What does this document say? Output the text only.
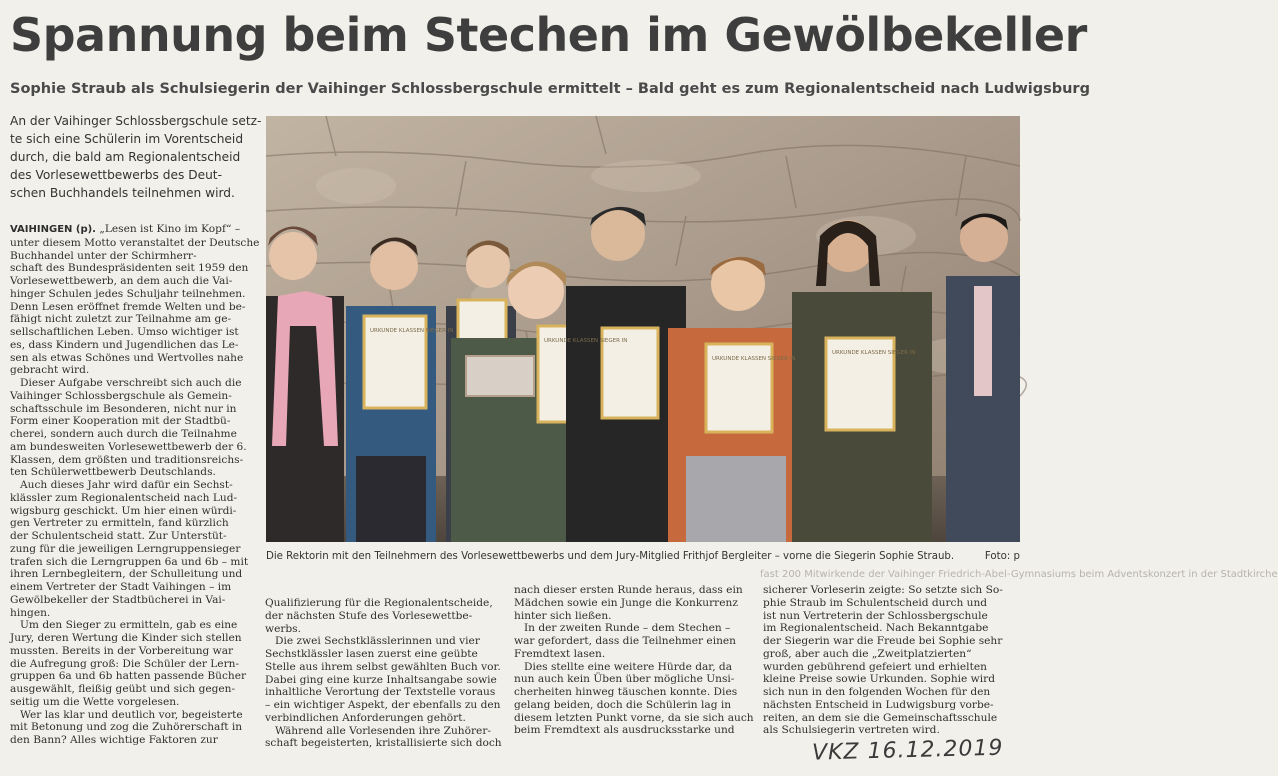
Spannung beim Stechen im Gewölbekeller
Sophie Straub als Schulsiegerin der Vaihinger Schlossbergschule ermittelt – Bald geht es zum Regionalentscheid nach Ludwigsburg
An der Vaihinger Schlossbergschule setz-
te sich eine Schülerin im Vorentscheid
durch, die bald am Regionalentscheid
des Vorlesewettbewerbs des Deut-
schen Buchhandels teilnehmen wird.
VAIHINGEN (p). „Lesen ist Kino im Kopf“ –
unter diesem Motto veranstaltet der Deutsche
Buchhandel unter der Schirmherr-
schaft des Bundespräsidenten seit 1959 den
Vorlesewettbewerb, an dem auch die Vai-
hinger Schulen jedes Schuljahr teilnehmen.
Denn Lesen eröffnet fremde Welten und be-
fähigt nicht zuletzt zur Teilnahme am ge-
sellschaftlichen Leben. Umso wichtiger ist
es, dass Kindern und Jugendlichen das Le-
sen als etwas Schönes und Wertvolles nahe
gebracht wird.
Dieser Aufgabe verschreibt sich auch die
Vaihinger Schlossbergschule als Gemein-
schaftsschule im Besonderen, nicht nur in
Form einer Kooperation mit der Stadtbü-
cherei, sondern auch durch die Teilnahme
am bundesweiten Vorlesewettbewerb der 6.
Klassen, dem größten und traditionsreichs-
ten Schülerwettbewerb Deutschlands.
Auch dieses Jahr wird dafür ein Sechst-
klässler zum Regionalentscheid nach Lud-
wigsburg geschickt. Um hier einen würdi-
gen Vertreter zu ermitteln, fand kürzlich
der Schulentscheid statt. Zur Unterstüt-
zung für die jeweiligen Lerngruppensieger
trafen sich die Lerngruppen 6a und 6b – mit
ihren Lernbegleitern, der Schulleitung und
einem Vertreter der Stadt Vaihingen – im
Gewölbekeller der Stadtbücherei in Vai-
hingen.
Um den Sieger zu ermitteln, gab es eine
Jury, deren Wertung die Kinder sich stellen
mussten. Bereits in der Vorbereitung war
die Aufregung groß: Die Schüler der Lern-
gruppen 6a und 6b hatten passende Bücher
ausgewählt, fleißig geübt und sich gegen-
seitig um die Wette vorgelesen.
Wer las klar und deutlich vor, begeisterte
mit Betonung und zog die Zuhörerschaft in
den Bann? Alles wichtige Faktoren zur
URKUNDE KLASSEN SIEGER IN
URKUNDE KLASSEN SIEGER IN
URKUNDE KLASSEN SIEGER IN
URKUNDE KLASSEN SIEGER IN
Die Rektorin mit den Teilnehmern des Vorlesewettbewerbs und dem Jury-Mitglied Frithjof Bergleiter – vorne die Siegerin Sophie Straub.	Foto: p
fast 200 Mitwirkende der Vaihinger Friedrich-Abel-Gymnasiums beim Adventskonzert in der Stadtkirche
Qualifizierung für die Regionalentscheide,
der nächsten Stufe des Vorlesewettbe-
werbs.
Die zwei Sechstklässlerinnen und vier
Sechstklässler lasen zuerst eine geübte
Stelle aus ihrem selbst gewählten Buch vor.
Dabei ging eine kurze Inhaltsangabe sowie
inhaltliche Verortung der Textstelle voraus
– ein wichtiger Aspekt, der ebenfalls zu den
verbindlichen Anforderungen gehört.
Während alle Vorlesenden ihre Zuhörer-
schaft begeisterten, kristallisierte sich doch
nach dieser ersten Runde heraus, dass ein
Mädchen sowie ein Junge die Konkurrenz
hinter sich ließen.
In der zweiten Runde – dem Stechen –
war gefordert, dass die Teilnehmer einen
Fremdtext lasen.
Dies stellte eine weitere Hürde dar, da
nun auch kein Üben über mögliche Unsi-
cherheiten hinweg täuschen konnte. Dies
gelang beiden, doch die Schülerin lag in
diesem letzten Punkt vorne, da sie sich auch
beim Fremdtext als ausdrucksstarke und
sicherer Vorleserin zeigte: So setzte sich So-
phie Straub im Schulentscheid durch und
ist nun Vertreterin der Schlossbergschule
im Regionalentscheid. Nach Bekanntgabe
der Siegerin war die Freude bei Sophie sehr
groß, aber auch die „Zweitplatzierten“
wurden gebührend gefeiert und erhielten
kleine Preise sowie Urkunden. Sophie wird
sich nun in den folgenden Wochen für den
nächsten Entscheid in Ludwigsburg vorbe-
reiten, an dem sie die Gemeinschaftsschule
als Schulsiegerin vertreten wird.
VKZ 16.12.2019
